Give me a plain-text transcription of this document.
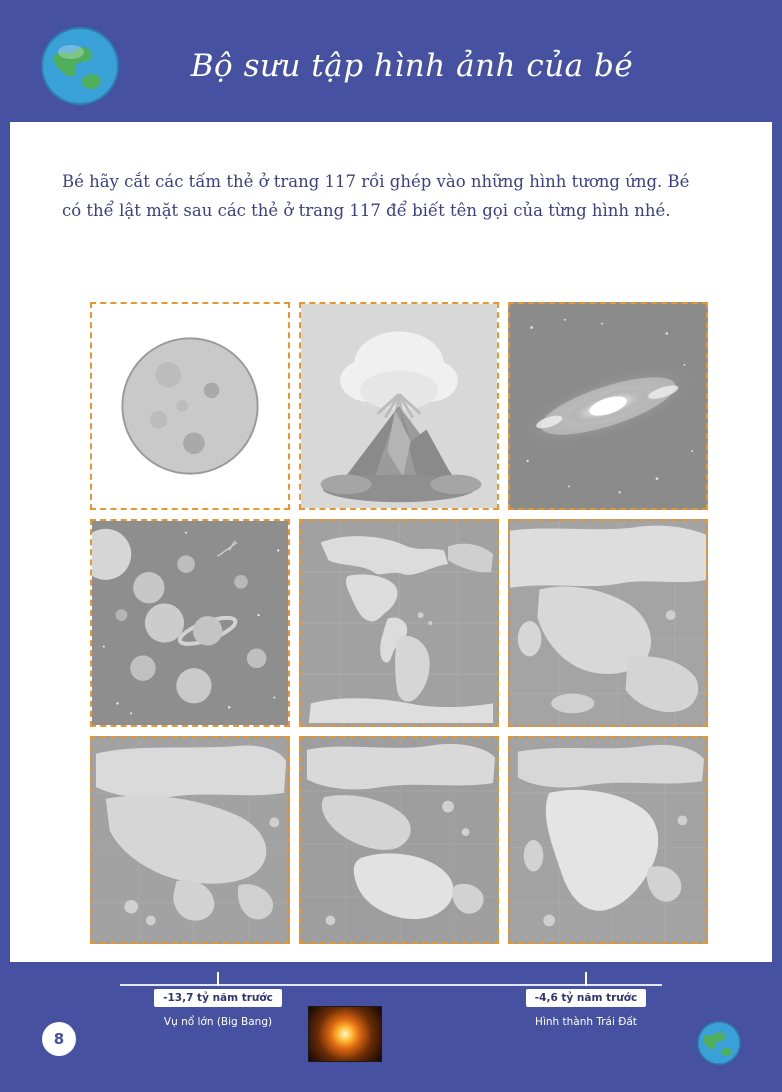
Bộ sưu tập hình ảnh của bé
Bé hãy cắt các tấm thẻ ở trang 117 rồi ghép vào những hình tương ứng. Bé
có thể lật mặt sau các thẻ ở trang 117 để biết tên gọi của từng hình nhé.
-13,7 tỷ năm trước
Vụ nổ lớn (Big Bang)
-4,6 tỷ năm trước
Hình thành Trái Đất
8
